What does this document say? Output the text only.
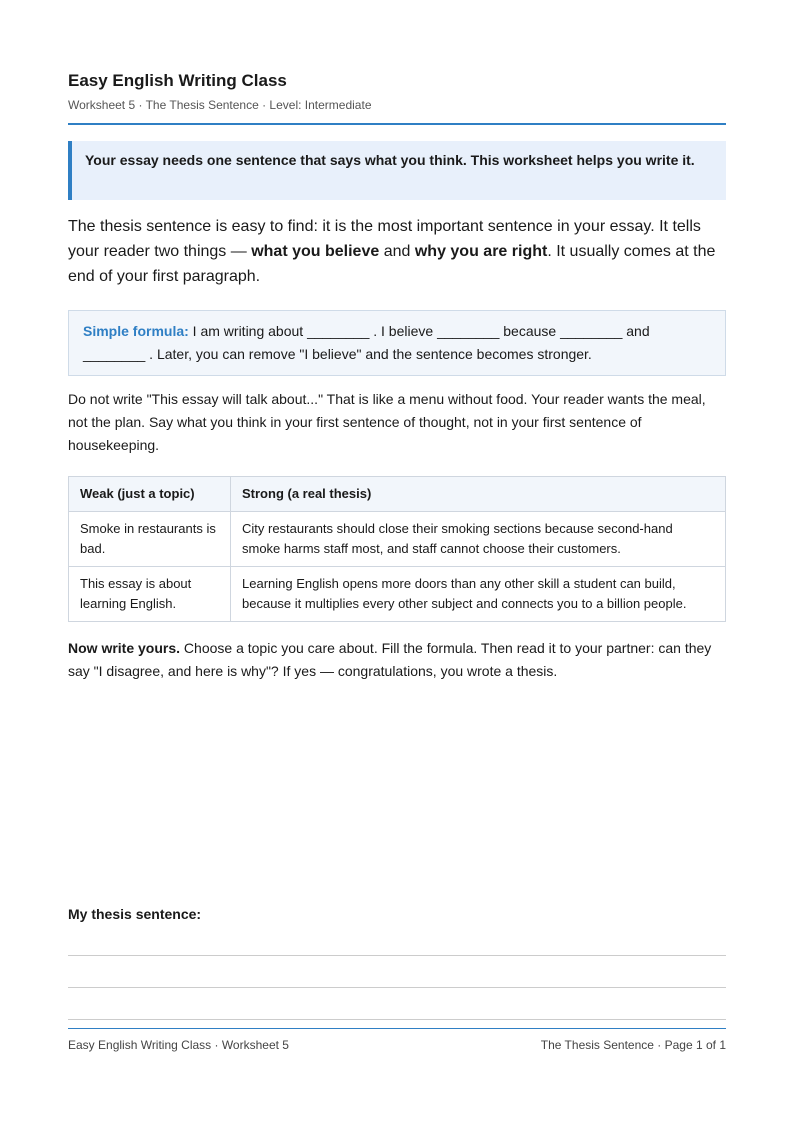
Easy English Writing Class
Worksheet 5 · The Thesis Sentence · Level: Intermediate
Your essay needs one sentence that says what you think. This worksheet helps you write it.

The thesis sentence is easy to find: it is the most important sentence in your essay. It tells your reader two things — what you believe and why you are right. It usually comes at the end of your first paragraph.

Simple formula: I am writing about ________ . I believe ________ because ________ and ________ . Later, you can remove "I believe" and the sentence becomes stronger.

Do not write "This essay will talk about..." That is like a menu without food. Your reader wants the meal, not the plan. Say what you think in your first sentence of thought, not in your first sentence of housekeeping.

Weak (just a topic)	Strong (a real thesis)
Smoke in restaurants is bad.	City restaurants should close their smoking sections because second-hand smoke harms staff most, and staff cannot choose their customers.
This essay is about learning English.	Learning English opens more doors than any other skill a student can build, because it multiplies every other subject and connects you to a billion people.

Now write yours. Choose a topic you care about. Fill the formula. Then read it to your partner: can they say "I disagree, and here is why"? If yes — congratulations, you wrote a thesis.

My thesis sentence:
Easy English Writing Class · Worksheet 5	The Thesis Sentence · Page 1 of 1
